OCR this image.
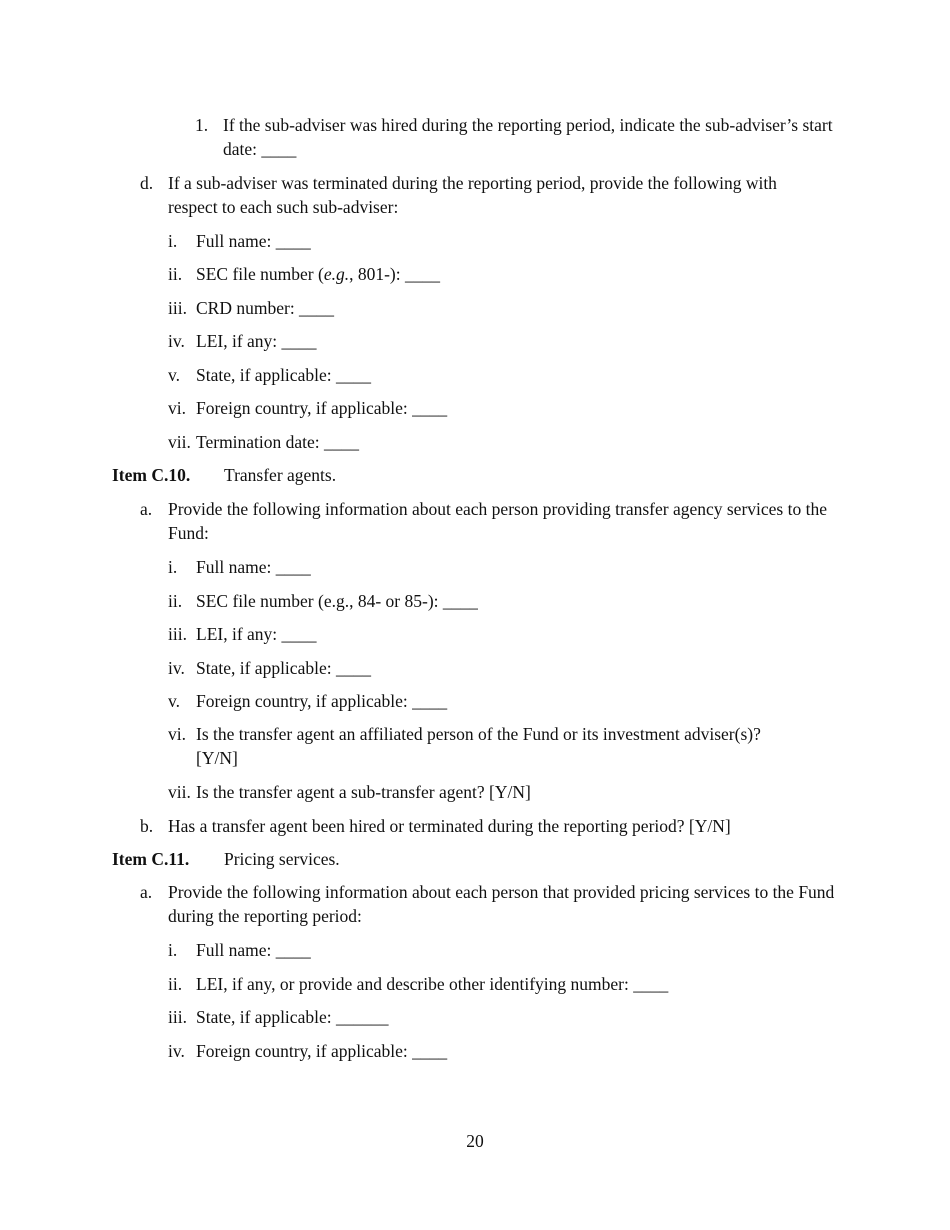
1. If the sub-adviser was hired during the reporting period, indicate the sub-adviser’s start date: ____
d. If a sub-adviser was terminated during the reporting period, provide the following with respect to each such sub-adviser:
i. Full name: ____
ii. SEC file number (e.g., 801-): ____
iii. CRD number: ____
iv. LEI, if any: ____
v. State, if applicable: ____
vi. Foreign country, if applicable: ____
vii. Termination date: ____
Item C.10. Transfer agents.
a. Provide the following information about each person providing transfer agency services to the Fund:
i. Full name: ____
ii. SEC file number (e.g., 84- or 85-): ____
iii. LEI, if any: ____
iv. State, if applicable: ____
v. Foreign country, if applicable: ____
vi. Is the transfer agent an affiliated person of the Fund or its investment adviser(s)? [Y/N]
vii. Is the transfer agent a sub-transfer agent? [Y/N]
b. Has a transfer agent been hired or terminated during the reporting period? [Y/N]
Item C.11. Pricing services.
a. Provide the following information about each person that provided pricing services to the Fund during the reporting period:
i. Full name: ____
ii. LEI, if any, or provide and describe other identifying number: ____
iii. State, if applicable: ______
iv. Foreign country, if applicable: ____
20
